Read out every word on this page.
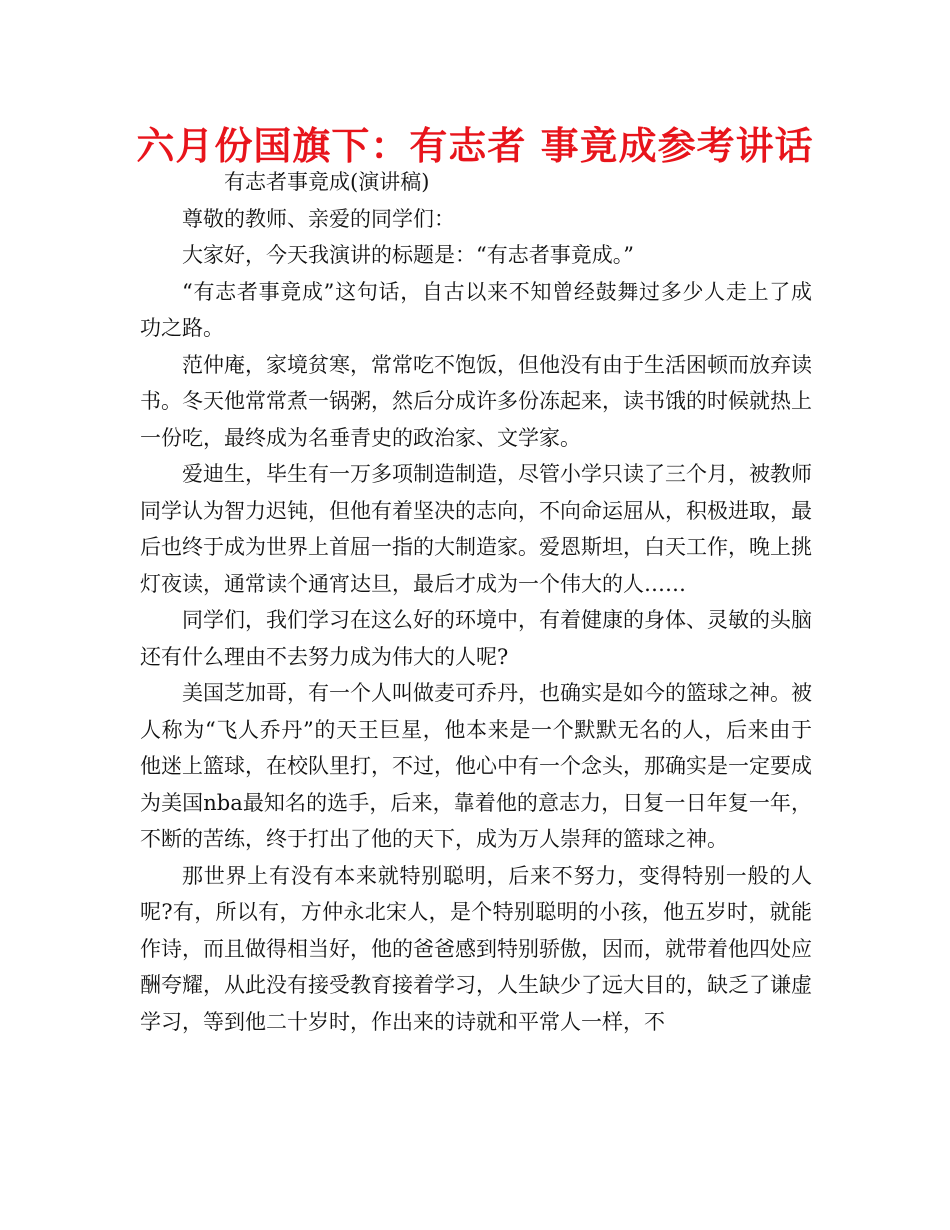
六月份国旗下：有志者 事竟成参考讲话

有志者事竟成(演讲稿)

尊敬的教师、亲爱的同学们：

大家好，今天我演讲的标题是：“有志者事竟成。”

“有志者事竟成”这句话，自古以来不知曾经鼓舞过多少人走上了成功之路。

范仲庵，家境贫寒，常常吃不饱饭，但他没有由于生活困顿而放弃读书。冬天他常常煮一锅粥，然后分成许多份冻起来，读书饿的时候就热上一份吃，最终成为名垂青史的政治家、文学家。

爱迪生，毕生有一万多项制造制造，尽管小学只读了三个月，被教师同学认为智力迟钝，但他有着坚决的志向，不向命运屈从，积极进取，最后也终于成为世界上首屈一指的大制造家。爱恩斯坦，白天工作，晚上挑灯夜读，通常读个通宵达旦，最后才成为一个伟大的人……

同学们，我们学习在这么好的环境中，有着健康的身体、灵敏的头脑还有什么理由不去努力成为伟大的人呢?

美国芝加哥，有一个人叫做麦可乔丹，也确实是如今的篮球之神。被人称为“飞人乔丹”的天王巨星，他本来是一个默默无名的人，后来由于他迷上篮球，在校队里打，不过，他心中有一个念头，那确实是一定要成为美国nba最知名的选手，后来，靠着他的意志力，日复一日年复一年，不断的苦练，终于打出了他的天下，成为万人崇拜的篮球之神。

那世界上有没有本来就特别聪明，后来不努力，变得特别一般的人呢?有，所以有，方仲永北宋人，是个特别聪明的小孩，他五岁时，就能作诗，而且做得相当好，他的爸爸感到特别骄傲，因而，就带着他四处应酬夸耀，从此没有接受教育接着学习，人生缺少了远大目的，缺乏了谦虚学习，等到他二十岁时，作出来的诗就和平常人一样，不
